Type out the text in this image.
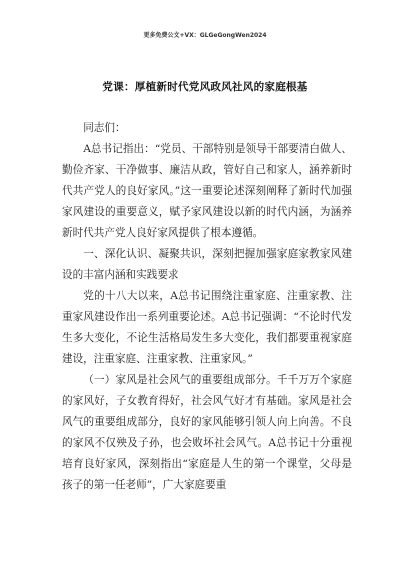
更多免费公文+VX：GLGeGongWen2024
党课：厚植新时代党风政风社风的家庭根基

同志们：

A总书记指出：“党员、干部特别是领导干部要清白做人、勤俭齐家、干净做事、廉洁从政，管好自己和家人，涵养新时代共产党人的良好家风。”这一重要论述深刻阐释了新时代加强家风建设的重要意义，赋予家风建设以新的时代内涵，为涵养新时代共产党人良好家风提供了根本遵循。

一、深化认识、凝聚共识，深刻把握加强家庭家教家风建设的丰富内涵和实践要求

党的十八大以来，A总书记围绕注重家庭、注重家教、注重家风建设作出一系列重要论述。A总书记强调：“不论时代发生多大变化，不论生活格局发生多大变化，我们都要重视家庭建设，注重家庭、注重家教、注重家风。”

（一）家风是社会风气的重要组成部分。千千万万个家庭的家风好，子女教育得好，社会风气好才有基础。家风是社会风气的重要组成部分，良好的家风能够引领人向上向善。不良的家风不仅殃及子孙，也会败坏社会风气。A总书记十分重视培育良好家风，深刻指出“家庭是人生的第一个课堂，父母是孩子的第一任老师”，广大家庭要重
